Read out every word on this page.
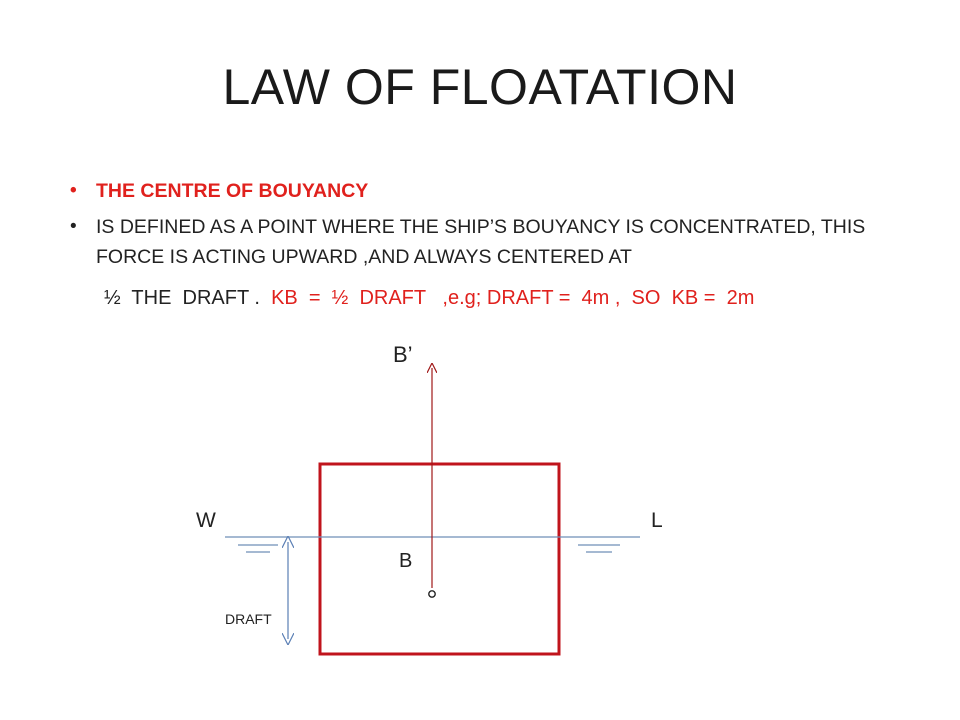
LAW OF FLOATATION
• THE CENTRE OF BOUYANCY
• IS DEFINED AS A POINT WHERE THE SHIP’S BOUYANCY IS CONCENTRATED, THIS FORCE IS ACTING UPWARD ,AND ALWAYS CENTERED AT
½  THE  DRAFT .  KB  =  ½  DRAFT   ,e.g; DRAFT =  4m ,  SO  KB =  2m
B’
W	L
B
DRAFT
